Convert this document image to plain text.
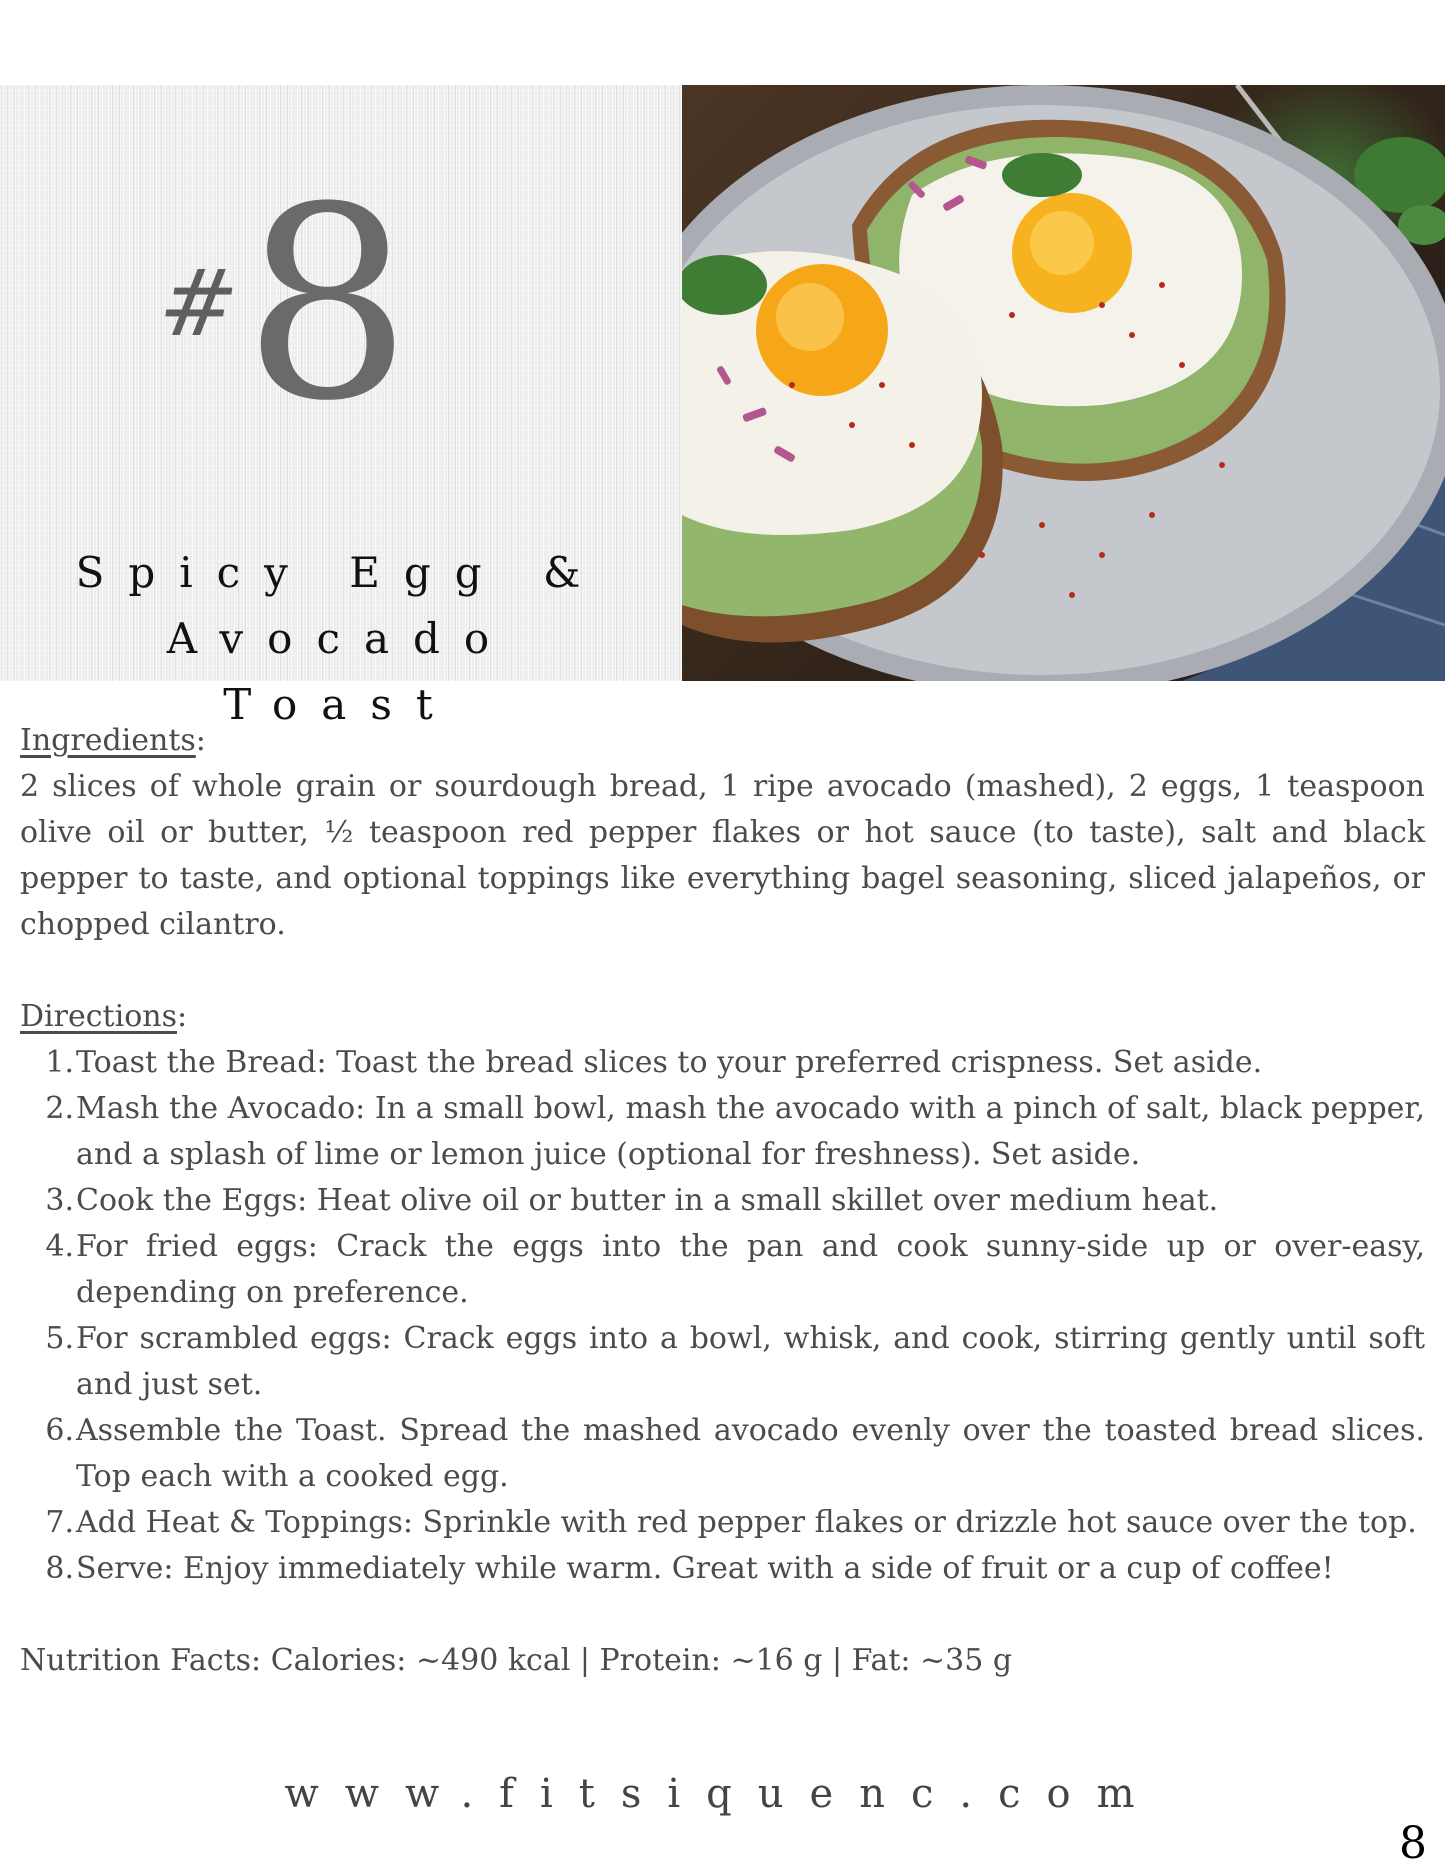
#
8
Spicy Egg &
Avocado
Toast

Ingredients:

2 slices of whole grain or sourdough bread, 1 ripe avocado (mashed), 2 eggs, 1 teaspoon olive oil or butter, ½ teaspoon red pepper flakes or hot sauce (to taste), salt and black pepper to taste, and optional toppings like everything bagel seasoning, sliced jalapeños, or chopped cilantro.

Directions:

1. Toast the Bread: Toast the bread slices to your preferred crispness. Set aside.
2. Mash the Avocado: In a small bowl, mash the avocado with a pinch of salt, black pepper, and a splash of lime or lemon juice (optional for freshness). Set aside.
3. Cook the Eggs: Heat olive oil or butter in a small skillet over medium heat.
4. For fried eggs: Crack the eggs into the pan and cook sunny-side up or over-easy, depending on preference.
5. For scrambled eggs: Crack eggs into a bowl, whisk, and cook, stirring gently until soft and just set.
6. Assemble the Toast. Spread the mashed avocado evenly over the toasted bread slices. Top each with a cooked egg.
7. Add Heat & Toppings: Sprinkle with red pepper flakes or drizzle hot sauce over the top.
8. Serve: Enjoy immediately while warm. Great with a side of fruit or a cup of coffee!

Nutrition Facts: Calories: ~490 kcal | Protein: ~16 g | Fat: ~35 g

www.fitsiquenc.com
8
